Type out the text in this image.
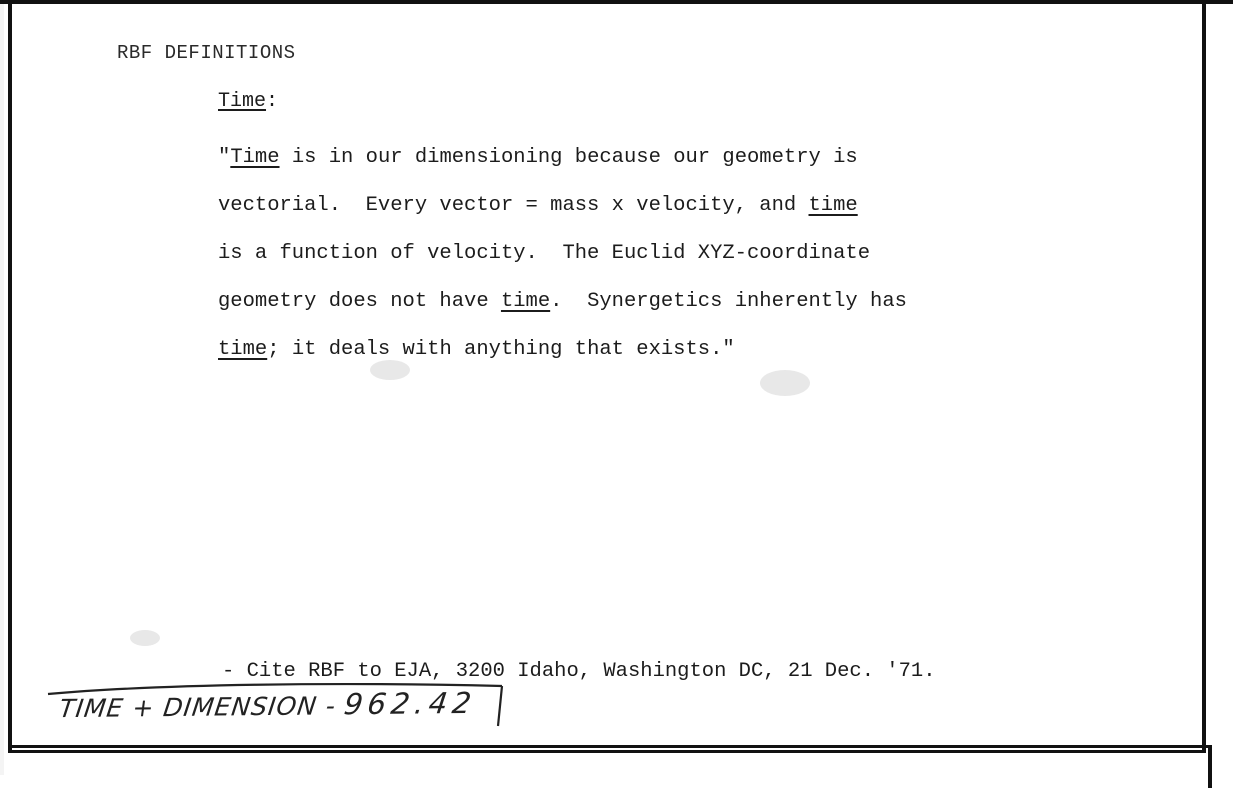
RBF DEFINITIONS
Time:
"Time is in our dimensioning because our geometry is
vectorial.  Every vector = mass x velocity, and time
is a function of velocity.  The Euclid XYZ-coordinate
geometry does not have time.  Synergetics inherently has
time; it deals with anything that exists."
- Cite RBF to EJA, 3200 Idaho, Washington DC, 21 Dec. '71.
TIME + DIMENSION - 962.42
